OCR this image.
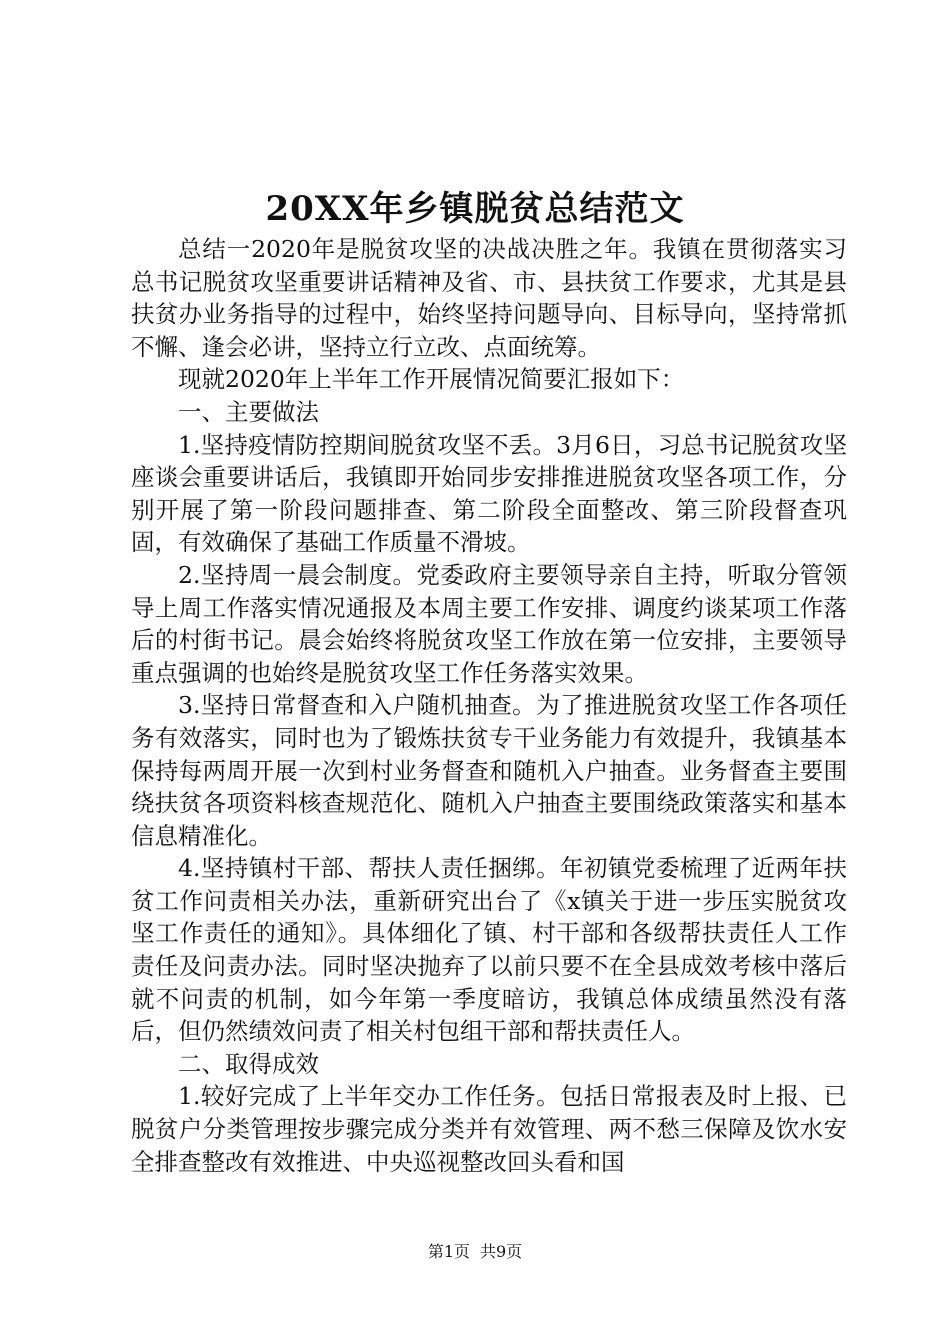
20XX年乡镇脱贫总结范文

总结一2020年是脱贫攻坚的决战决胜之年。我镇在贯彻落实习总书记脱贫攻坚重要讲话精神及省、市、县扶贫工作要求，尤其是县扶贫办业务指导的过程中，始终坚持问题导向、目标导向，坚持常抓不懈、逢会必讲，坚持立行立改、点面统筹。

现就2020年上半年工作开展情况简要汇报如下：

一、主要做法

1.坚持疫情防控期间脱贫攻坚不丢。3月6日，习总书记脱贫攻坚座谈会重要讲话后，我镇即开始同步安排推进脱贫攻坚各项工作，分别开展了第一阶段问题排查、第二阶段全面整改、第三阶段督查巩固，有效确保了基础工作质量不滑坡。

2.坚持周一晨会制度。党委政府主要领导亲自主持，听取分管领导上周工作落实情况通报及本周主要工作安排、调度约谈某项工作落后的村街书记。晨会始终将脱贫攻坚工作放在第一位安排，主要领导重点强调的也始终是脱贫攻坚工作任务落实效果。

3.坚持日常督查和入户随机抽查。为了推进脱贫攻坚工作各项任务有效落实，同时也为了锻炼扶贫专干业务能力有效提升，我镇基本保持每两周开展一次到村业务督查和随机入户抽查。业务督查主要围绕扶贫各项资料核查规范化、随机入户抽查主要围绕政策落实和基本信息精准化。

4.坚持镇村干部、帮扶人责任捆绑。年初镇党委梳理了近两年扶贫工作问责相关办法，重新研究出台了《x镇关于进一步压实脱贫攻坚工作责任的通知》。具体细化了镇、村干部和各级帮扶责任人工作责任及问责办法。同时坚决抛弃了以前只要不在全县成效考核中落后就不问责的机制，如今年第一季度暗访，我镇总体成绩虽然没有落后，但仍然绩效问责了相关村包组干部和帮扶责任人。

二、取得成效

1.较好完成了上半年交办工作任务。包括日常报表及时上报、已脱贫户分类管理按步骤完成分类并有效管理、两不愁三保障及饮水安全排查整改有效推进、中央巡视整改回头看和国

第1页 共9页
